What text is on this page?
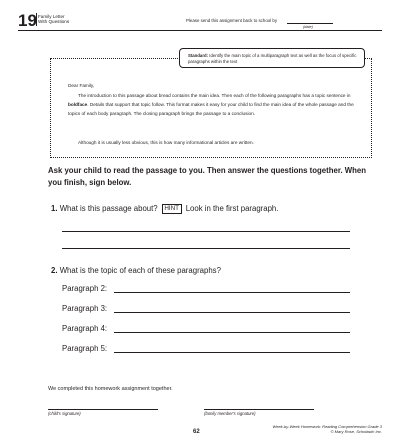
19 Family Letter
With Questions	Please send this assignment back to school by
(date)
Standard: Identify the main topic of a multiparagraph text as well as the focus of specific paragraphs within the text
Dear Family,
The introduction to this passage about bread contains the main idea. Then each of the following paragraphs has a topic sentence in boldface. Details that support that topic follow. This format makes it easy for your child to find the main idea of the whole passage and the topics of each body paragraph. The closing paragraph brings the passage to a conclusion.
Although it is usually less obvious, this is how many informational articles are written.
Ask your child to read the passage to you. Then answer the questions together. When you finish, sign below.
1. What is this passage about? HINT Look in the first paragraph.
2. What is the topic of each of these paragraphs?
Paragraph 2:
Paragraph 3:
Paragraph 4:
Paragraph 5:
We completed this homework assignment together.
(child's signature)	(family member's signature)
62
Week-by-Week Homework: Reading Comprehension Grade 3
© Mary Rose, Scholastic Inc.
